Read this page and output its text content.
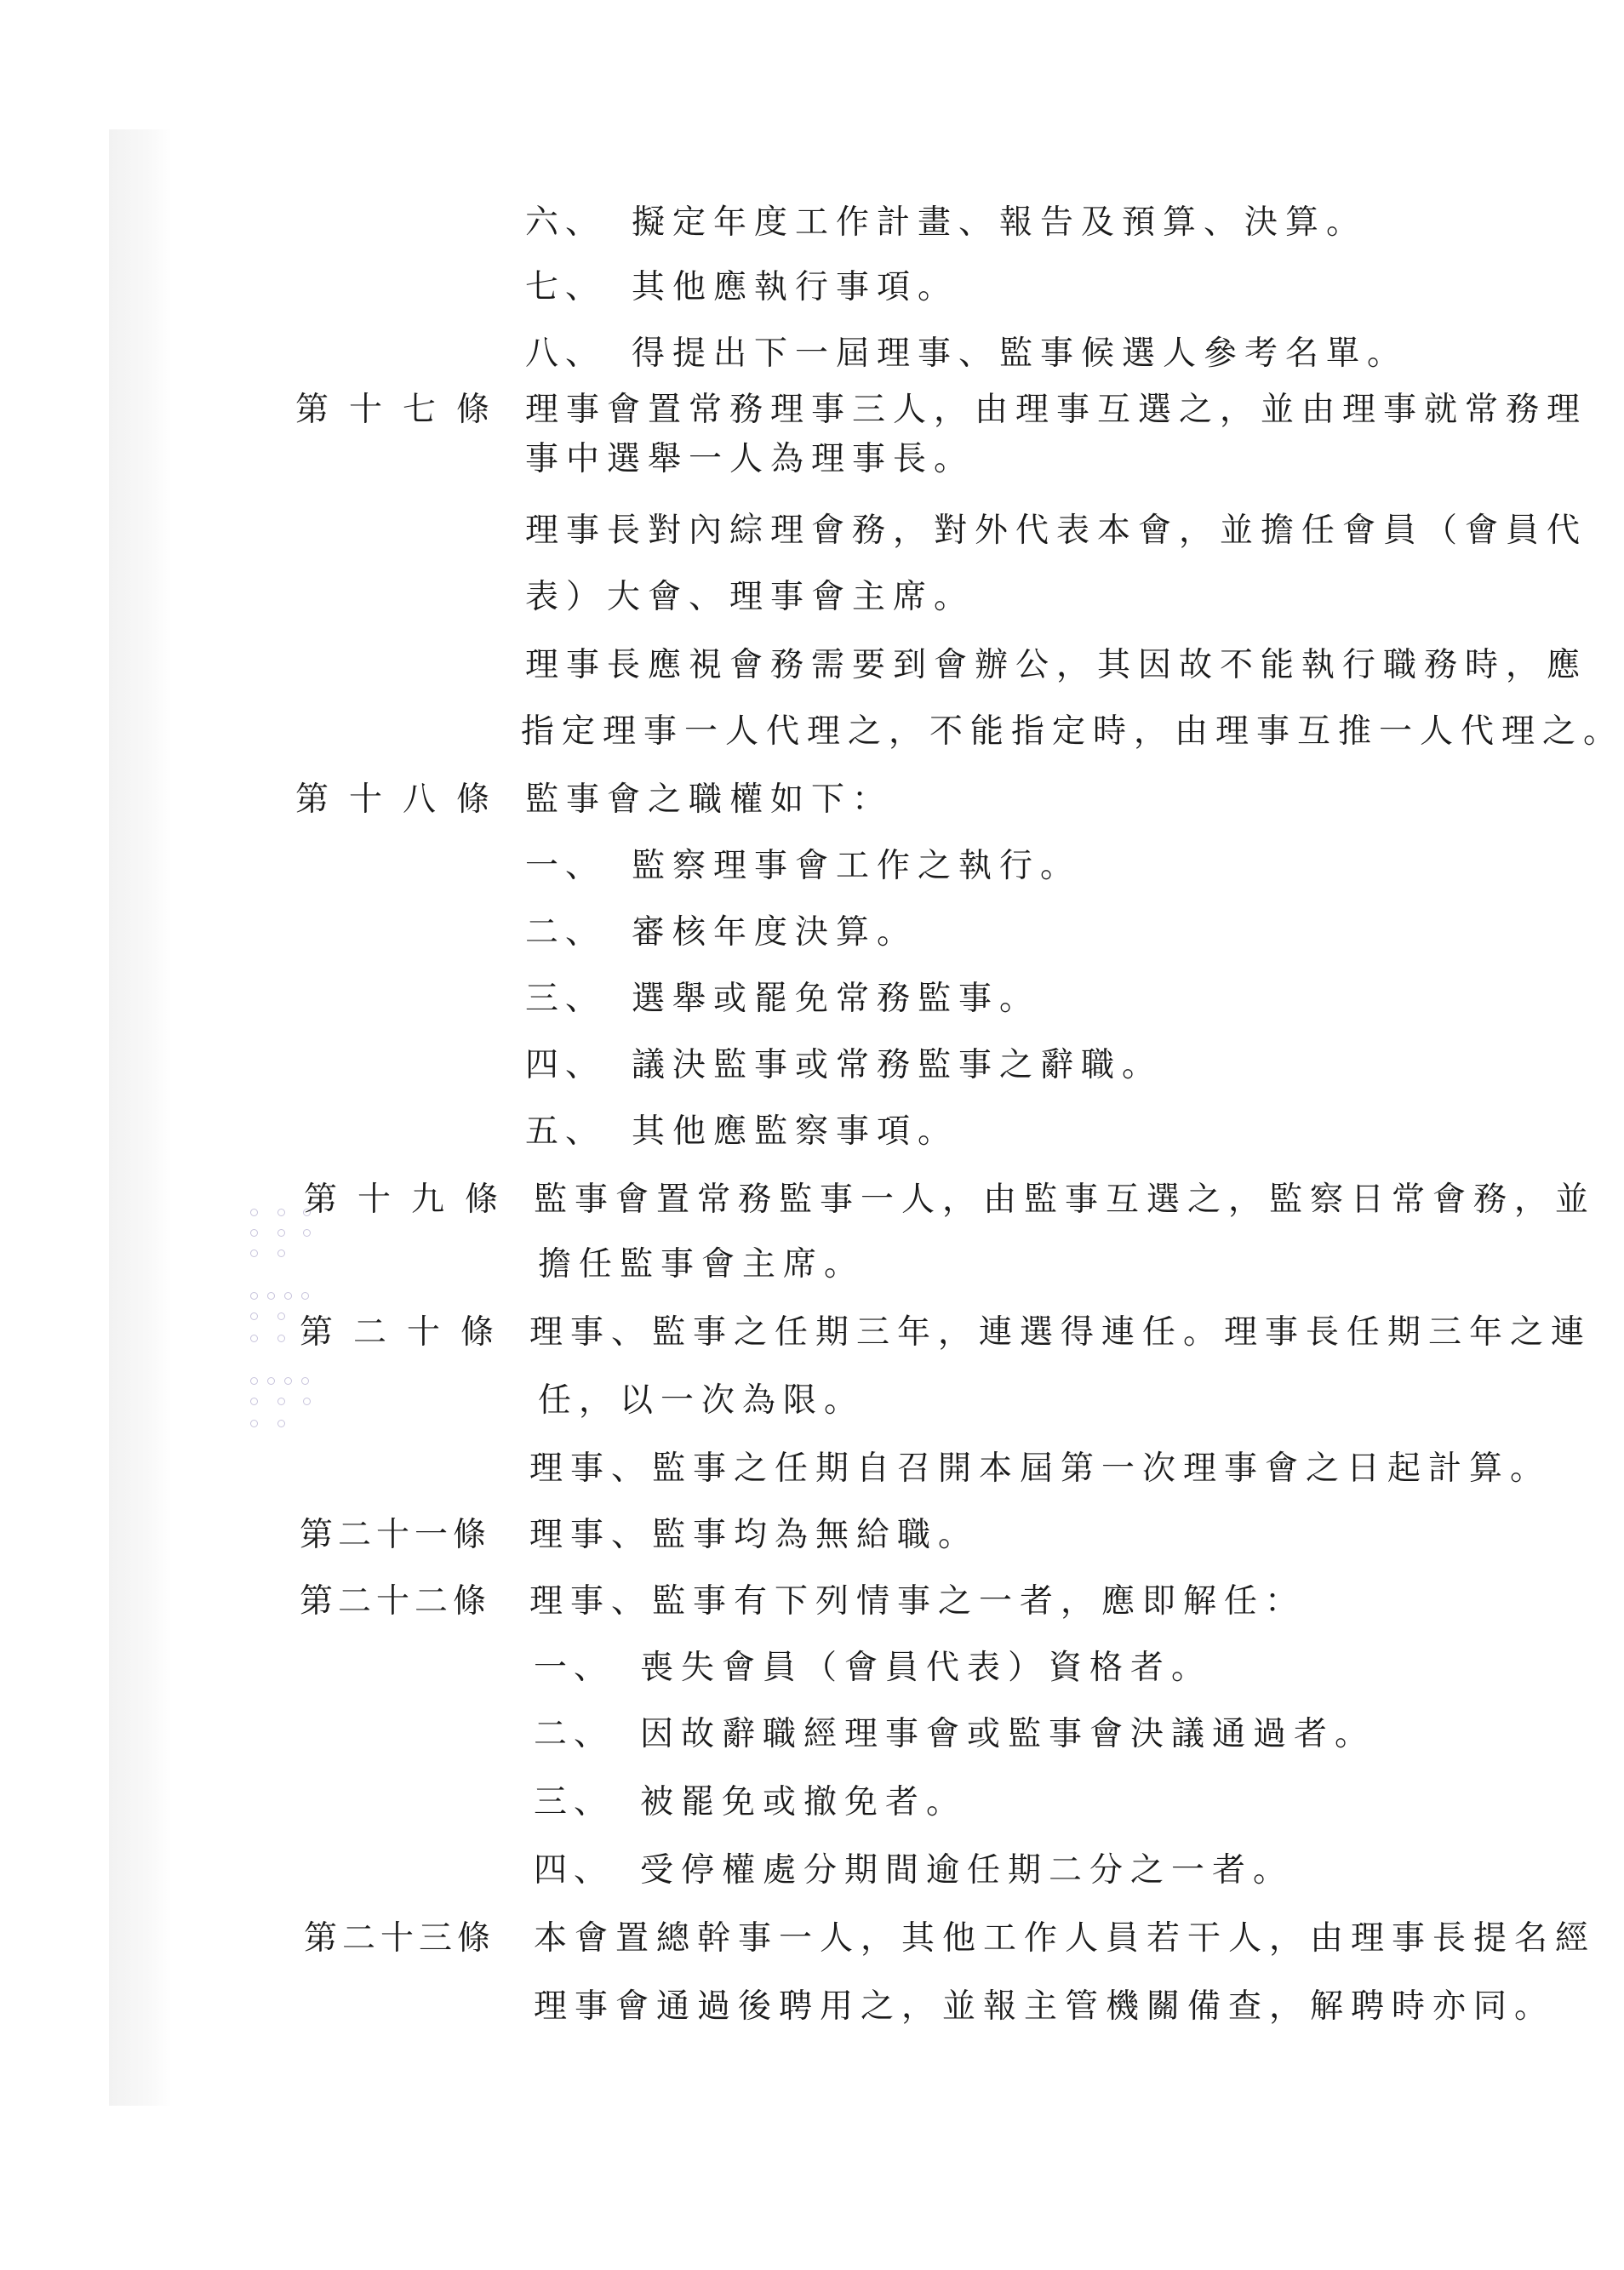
六、 擬定年度工作計畫、報告及預算、決算。
七、 其他應執行事項。
八、 得提出下一屆理事、監事候選人參考名單。
第十七條 理事會置常務理事三人，由理事互選之，並由理事就常務理
事中選舉一人為理事長。
理事長對內綜理會務，對外代表本會，並擔任會員（會員代
表）大會、理事會主席。
理事長應視會務需要到會辦公，其因故不能執行職務時，應
指定理事一人代理之，不能指定時，由理事互推一人代理之。
第十八條 監事會之職權如下：
一、 監察理事會工作之執行。
二、 審核年度決算。
三、 選舉或罷免常務監事。
四、 議決監事或常務監事之辭職。
五、 其他應監察事項。
第十九條 監事會置常務監事一人，由監事互選之，監察日常會務，並
擔任監事會主席。
第二十條 理事、監事之任期三年，連選得連任。理事長任期三年之連
任，以一次為限。
理事、監事之任期自召開本屆第一次理事會之日起計算。
第二十一條 理事、監事均為無給職。
第二十二條 理事、監事有下列情事之一者，應即解任：
一、 喪失會員（會員代表）資格者。
二、 因故辭職經理事會或監事會決議通過者。
三、 被罷免或撤免者。
四、 受停權處分期間逾任期二分之一者。
第二十三條 本會置總幹事一人，其他工作人員若干人，由理事長提名經
理事會通過後聘用之，並報主管機關備查，解聘時亦同。
